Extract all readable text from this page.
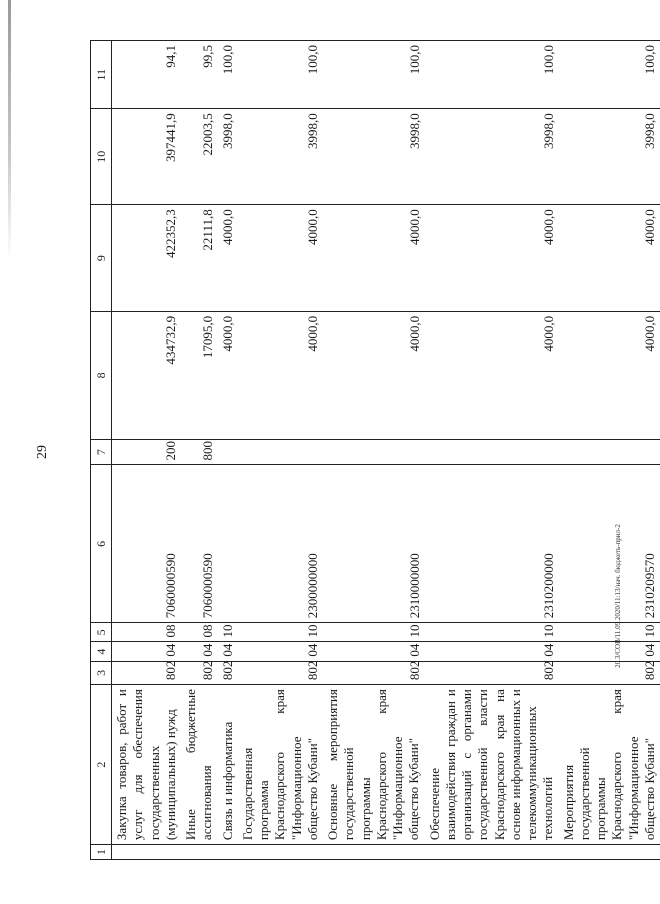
29
20.3/СОВ/11.09.2020/11:13/нач. бюджеть-прил-2
1	2	3	4	5	6	7	8	9	10	11
	Закупка товаров, работ и услуг для обеспечения государственных (муниципальных) нужд	802	04	08	7060000590	200	434732,9	422352,3	397441,9	94,1
	Иные бюджетные ассигнования	802	04	08	7060000590	800	17095,0	22111,8	22003,5	99,5
	Связь и информатика	802	04	10			4000,0	4000,0	3998,0	100,0
	Государственная программа Краснодарского края "Информационное общество Кубани"	802	04	10	2300000000		4000,0	4000,0	3998,0	100,0
	Основные мероприятия государственной программы Краснодарского края "Информационное общество Кубани"	802	04	10	2310000000		4000,0	4000,0	3998,0	100,0
	Обеспечение взаимодействия граждан и организаций с органами государственной власти Краснодарского края на основе информационных и телекоммуникационных технологий	802	04	10	2310200000		4000,0	4000,0	3998,0	100,0
	Мероприятия государственной программы Краснодарского края "Информационное общество Кубани"	802	04	10	2310209570		4000,0	4000,0	3998,0	100,0
